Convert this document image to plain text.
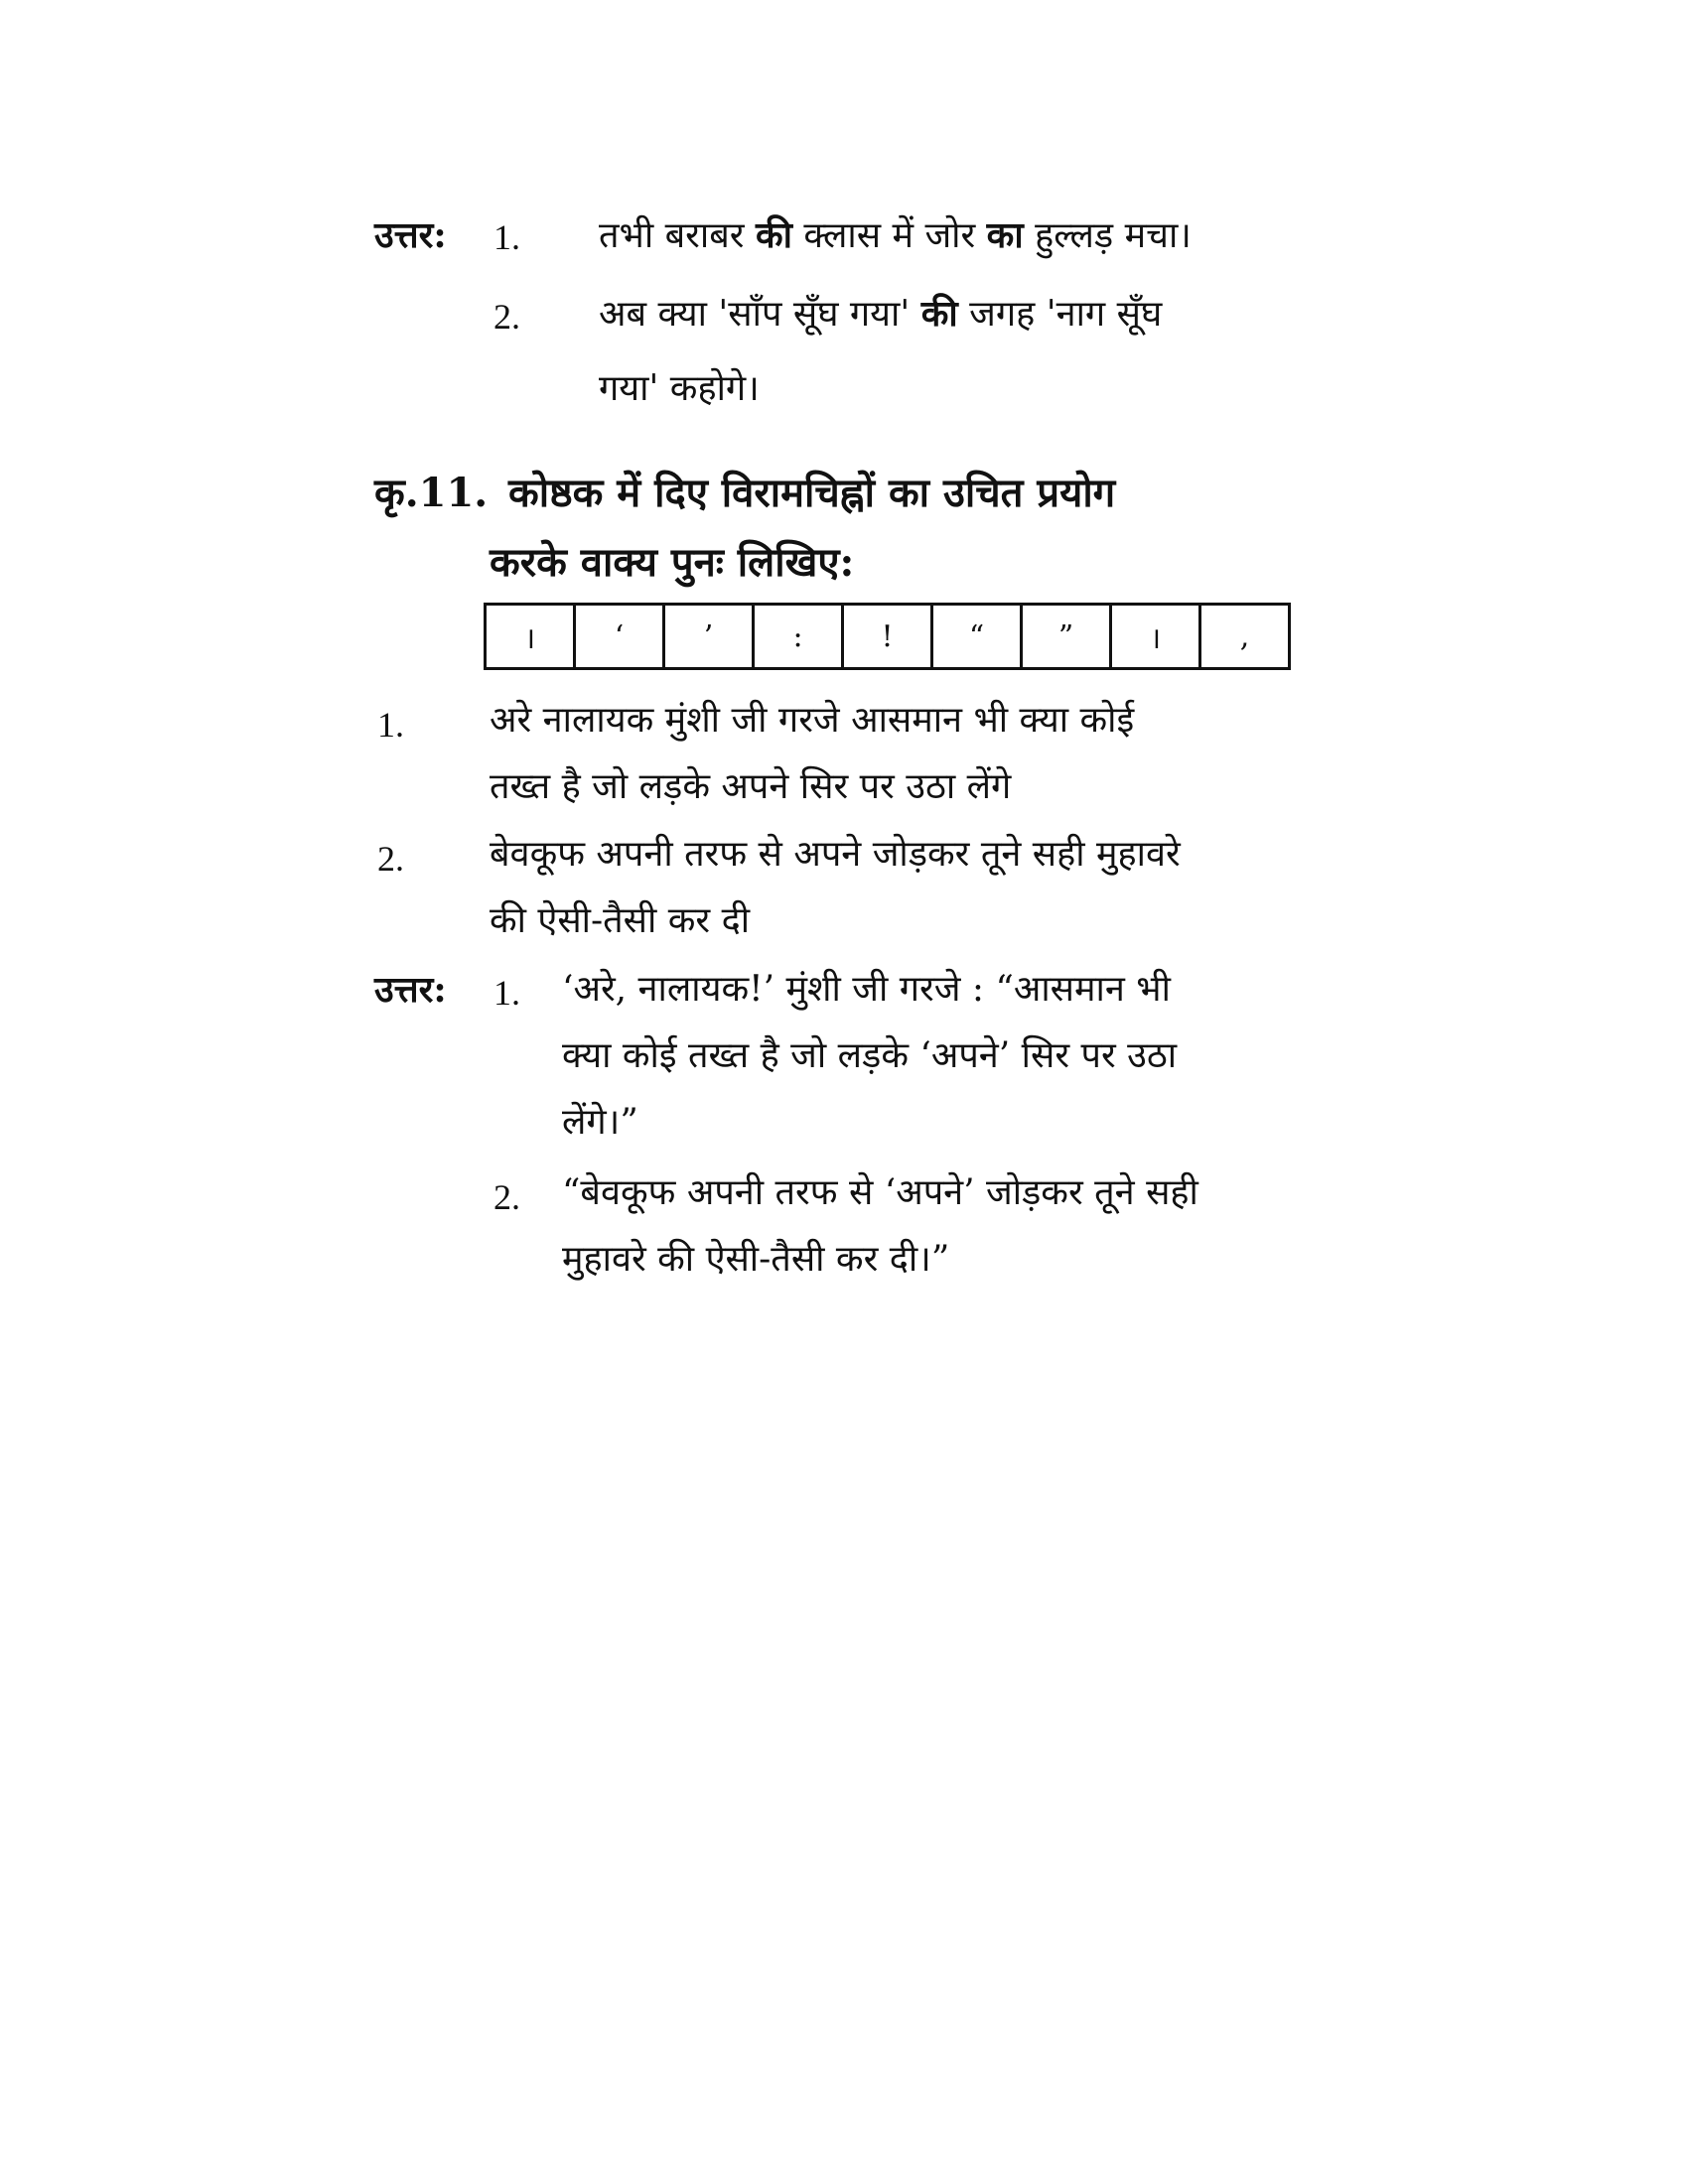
उत्तर: 1. तभी बराबर की क्लास में जोर का हुल्लड़ मचा।
2. अब क्या 'साँप सूँघ गया' की जगह 'नाग सूँघ
गया' कहोगे।
कृ.11. कोष्ठक में दिए विरामचिह्नों का उचित प्रयोग
करके वाक्य पुनः लिखिए:
।	‘	’	:	!	“	”	।	,
1. अरे नालायक मुंशी जी गरजे आसमान भी क्या कोई
तख्त है जो लड़के अपने सिर पर उठा लेंगे
2. बेवकूफ अपनी तरफ से अपने जोड़कर तूने सही मुहावरे
की ऐसी-तैसी कर दी
उत्तर: 1. ‘अरे, नालायक!’ मुंशी जी गरजे : “आसमान भी
क्या कोई तख्त है जो लड़के ‘अपने’ सिर पर उठा
लेंगे।”
2. “बेवकूफ अपनी तरफ से ‘अपने’ जोड़कर तूने सही
मुहावरे की ऐसी-तैसी कर दी।”
